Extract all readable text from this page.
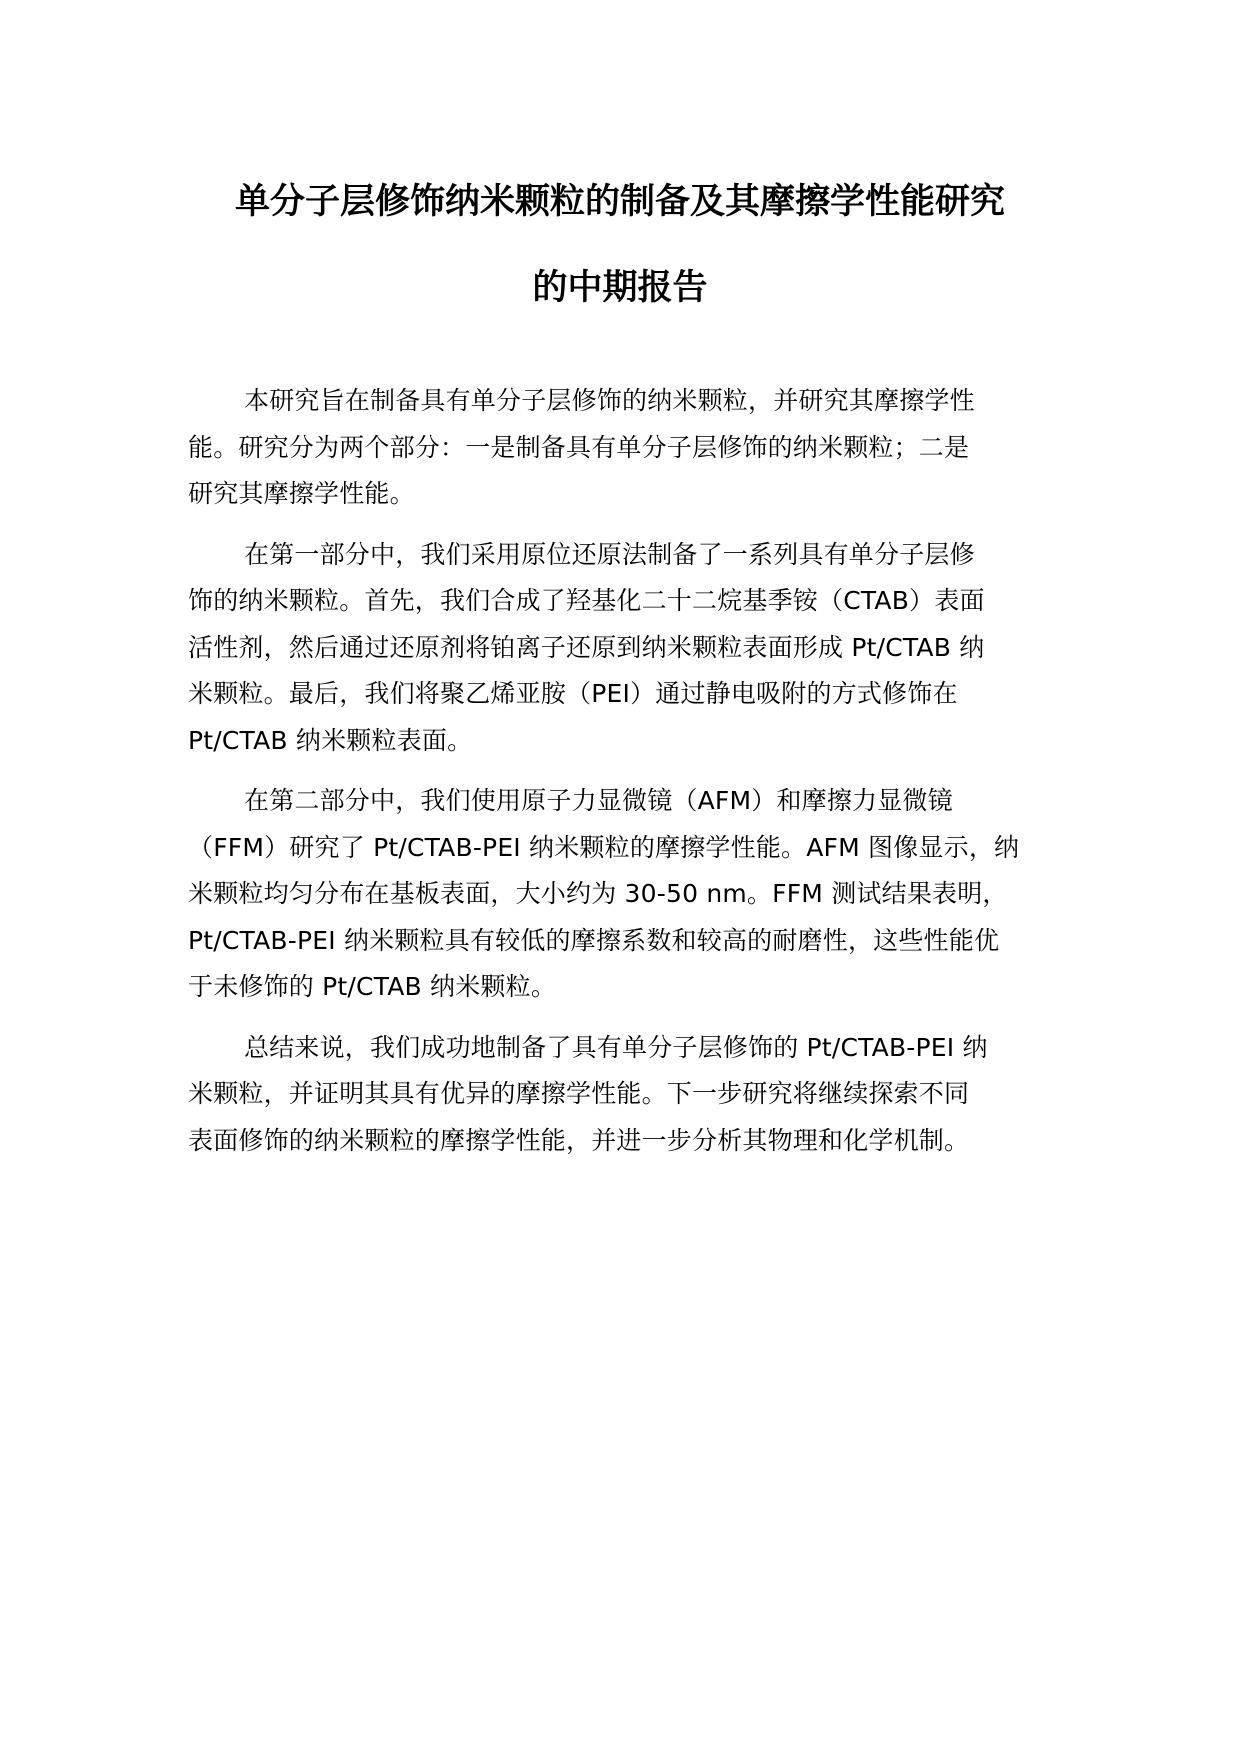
单分子层修饰纳米颗粒的制备及其摩擦学性能研究
的中期报告

本研究旨在制备具有单分子层修饰的纳米颗粒，并研究其摩擦学性
能。研究分为两个部分：一是制备具有单分子层修饰的纳米颗粒；二是
研究其摩擦学性能。

在第一部分中，我们采用原位还原法制备了一系列具有单分子层修
饰的纳米颗粒。首先，我们合成了羟基化二十二烷基季铵（CTAB）表面
活性剂，然后通过还原剂将铂离子还原到纳米颗粒表面形成 Pt/CTAB 纳
米颗粒。最后，我们将聚乙烯亚胺（PEI）通过静电吸附的方式修饰在
Pt/CTAB 纳米颗粒表面。

在第二部分中，我们使用原子力显微镜（AFM）和摩擦力显微镜
（FFM）研究了 Pt/CTAB-PEI 纳米颗粒的摩擦学性能。AFM 图像显示，纳
米颗粒均匀分布在基板表面，大小约为 30-50 nm。FFM 测试结果表明，
Pt/CTAB-PEI 纳米颗粒具有较低的摩擦系数和较高的耐磨性，这些性能优
于未修饰的 Pt/CTAB 纳米颗粒。

总结来说，我们成功地制备了具有单分子层修饰的 Pt/CTAB-PEI 纳
米颗粒，并证明其具有优异的摩擦学性能。下一步研究将继续探索不同
表面修饰的纳米颗粒的摩擦学性能，并进一步分析其物理和化学机制。
